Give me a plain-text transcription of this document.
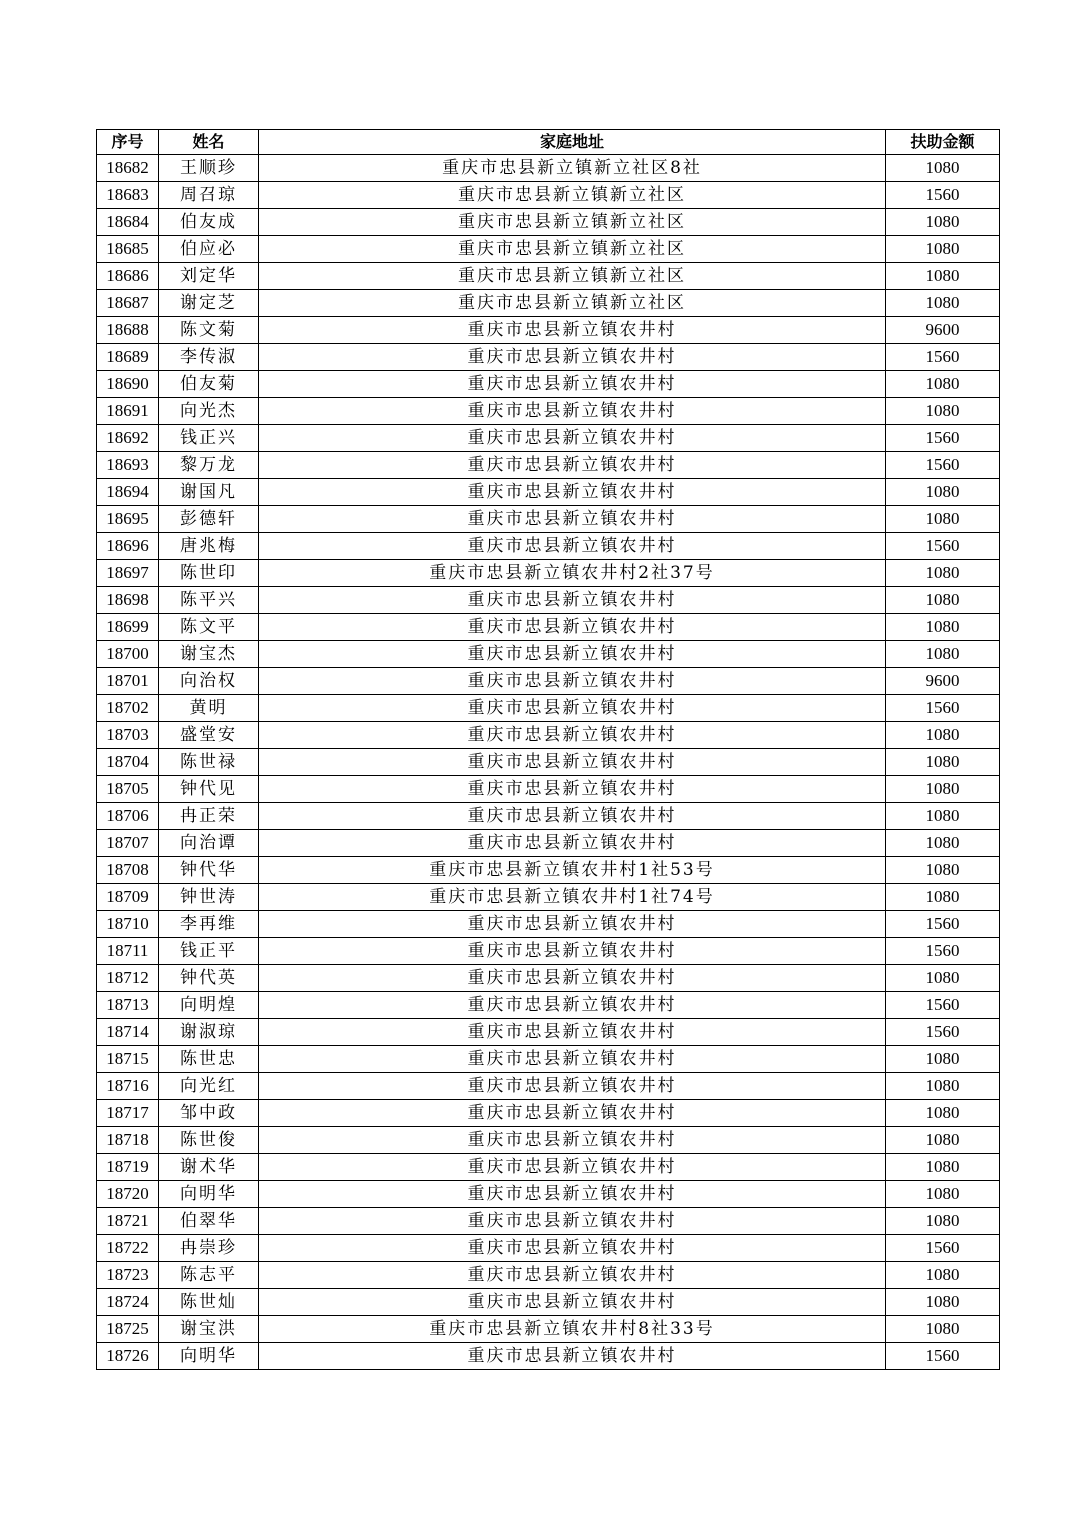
序号	姓名	家庭地址	扶助金额
18682	王顺珍	重庆市忠县新立镇新立社区8社	1080
18683	周召琼	重庆市忠县新立镇新立社区	1560
18684	伯友成	重庆市忠县新立镇新立社区	1080
18685	伯应必	重庆市忠县新立镇新立社区	1080
18686	刘定华	重庆市忠县新立镇新立社区	1080
18687	谢定芝	重庆市忠县新立镇新立社区	1080
18688	陈文菊	重庆市忠县新立镇农井村	9600
18689	李传淑	重庆市忠县新立镇农井村	1560
18690	伯友菊	重庆市忠县新立镇农井村	1080
18691	向光杰	重庆市忠县新立镇农井村	1080
18692	钱正兴	重庆市忠县新立镇农井村	1560
18693	黎万龙	重庆市忠县新立镇农井村	1560
18694	谢国凡	重庆市忠县新立镇农井村	1080
18695	彭德轩	重庆市忠县新立镇农井村	1080
18696	唐兆梅	重庆市忠县新立镇农井村	1560
18697	陈世印	重庆市忠县新立镇农井村2社37号	1080
18698	陈平兴	重庆市忠县新立镇农井村	1080
18699	陈文平	重庆市忠县新立镇农井村	1080
18700	谢宝杰	重庆市忠县新立镇农井村	1080
18701	向治权	重庆市忠县新立镇农井村	9600
18702	黄明	重庆市忠县新立镇农井村	1560
18703	盛堂安	重庆市忠县新立镇农井村	1080
18704	陈世禄	重庆市忠县新立镇农井村	1080
18705	钟代见	重庆市忠县新立镇农井村	1080
18706	冉正荣	重庆市忠县新立镇农井村	1080
18707	向治谭	重庆市忠县新立镇农井村	1080
18708	钟代华	重庆市忠县新立镇农井村1社53号	1080
18709	钟世涛	重庆市忠县新立镇农井村1社74号	1080
18710	李再维	重庆市忠县新立镇农井村	1560
18711	钱正平	重庆市忠县新立镇农井村	1560
18712	钟代英	重庆市忠县新立镇农井村	1080
18713	向明煌	重庆市忠县新立镇农井村	1560
18714	谢淑琼	重庆市忠县新立镇农井村	1560
18715	陈世忠	重庆市忠县新立镇农井村	1080
18716	向光红	重庆市忠县新立镇农井村	1080
18717	邹中政	重庆市忠县新立镇农井村	1080
18718	陈世俊	重庆市忠县新立镇农井村	1080
18719	谢术华	重庆市忠县新立镇农井村	1080
18720	向明华	重庆市忠县新立镇农井村	1080
18721	伯翠华	重庆市忠县新立镇农井村	1080
18722	冉崇珍	重庆市忠县新立镇农井村	1560
18723	陈志平	重庆市忠县新立镇农井村	1080
18724	陈世灿	重庆市忠县新立镇农井村	1080
18725	谢宝洪	重庆市忠县新立镇农井村8社33号	1080
18726	向明华	重庆市忠县新立镇农井村	1560
